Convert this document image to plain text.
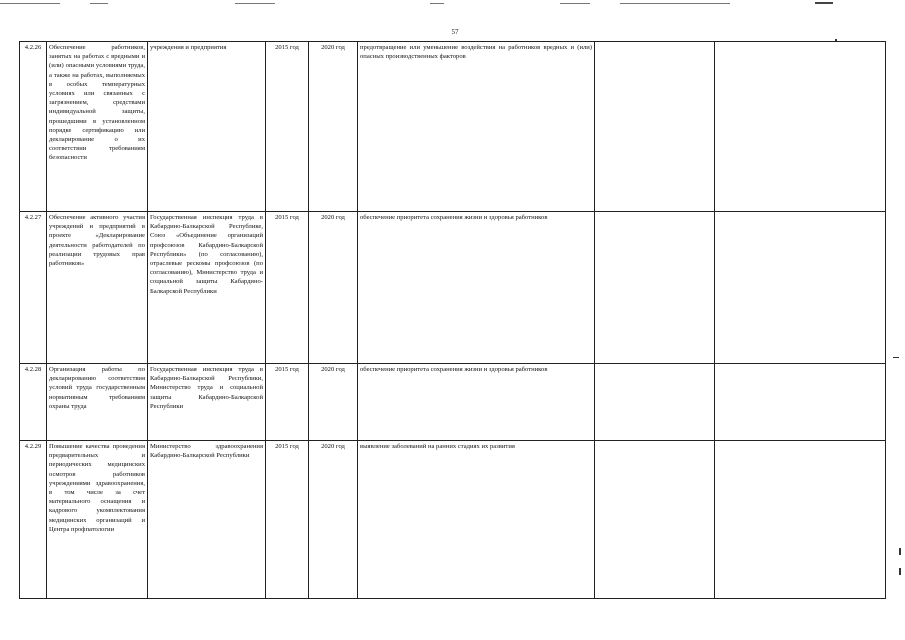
57
4.2.26	Обеспечение работников, занятых на работах с вредными и (или) опасными условиями труда, а также на работах, выполняемых в особых температурных условиях или связанных с загрязнением, средствами индивидуальной защиты, прошедшими в установленном порядке сертификацию или декларирование о их соответствии требованиям безопасности	учреждения и предприятия	2015 год	2020 год	предотвращение или уменьшение воздействия на работников вредных и (или) опасных производственных факторов		
4.2.27	Обеспечение активного участия учреждений и предприятий в проекте «Декларирование деятельности работодателей по реализации трудовых прав работников»	Государственная инспекция труда в Кабардино-Балкарской Республике, Союз «Объединение организаций профсоюзов Кабардино-Балкарской Республики» (по согласованию), отраслевые рескомы профсоюзов (по согласованию), Министерство труда и социальной защиты Кабардино-Балкарской Республики	2015 год	2020 год	обеспечение приоритета сохранения жизни и здоровья работников		
4.2.28	Организация работы по декларированию соответствия условий труда государственным нормативным требованиям охраны труда	Государственная инспекция труда в Кабардино-Балкарской Республики, Министерство труда и социальной защиты Кабардино-Балкарской Республики	2015 год	2020 год	обеспечение приоритета сохранения жизни и здоровья работников		
4.2.29	Повышение качества проведения предварительных и периодических медицинских осмотров работников учреждениями здравоохранения, в том числе за счет материального оснащения и кадрового укомплектования медицинских организаций и Центра профпатологии	Министерство здравоохранения Кабардино-Балкарской Республики	2015 год	2020 год	выявление заболеваний на ранних стадиях их развития		
